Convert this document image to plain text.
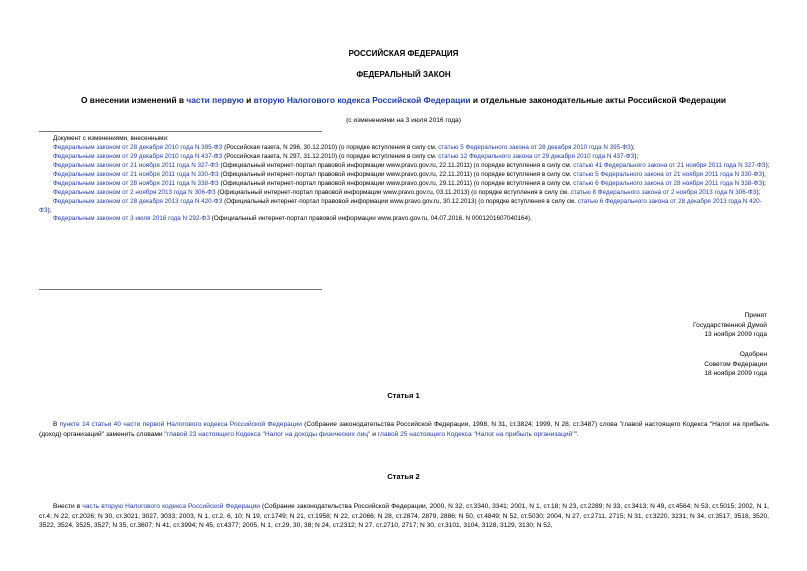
РОССИЙСКАЯ ФЕДЕРАЦИЯ
ФЕДЕРАЛЬНЫЙ ЗАКОН
О внесении изменений в части первую и вторую Налогового кодекса Российской Федерации и отдельные законодательные акты Российской Федерации
(с изменениями на 3 июля 2016 года)
Документ с изменениями, внесенными:
Федеральным законом от 28 декабря 2010 года N 395-ФЗ (Российская газета, N 296, 30.12.2010) (о порядке вступления в силу см. статью 5 Федерального закона от 28 декабря 2010 года N 395-ФЗ);
Федеральным законом от 29 декабря 2010 года N 437-ФЗ (Российская газета, N 297, 31.12.2010) (о порядке вступления в силу см. статью 12 Федерального закона от 29 декабря 2010 года N 437-ФЗ);
Федеральным законом от 21 ноября 2011 года N 327-ФЗ (Официальный интернет-портал правовой информации www.pravo.gov.ru, 22.11.2011) (о порядке вступления в силу см. статью 41 Федерального закона от 21 ноября 2011 года N 327-ФЗ);
Федеральным законом от 21 ноября 2011 года N 330-ФЗ (Официальный интернет-портал правовой информации www.pravo.gov.ru, 22.11.2011) (о порядке вступления в силу см. статью 5 Федерального закона от 21 ноября 2011 года N 330-ФЗ);
Федеральным законом от 28 ноября 2011 года N 338-ФЗ (Официальный интернет-портал правовой информации www.pravo.gov.ru, 29.11.2011) (о порядке вступления в силу см. статью 6 Федерального закона от 28 ноября 2011 года N 338-ФЗ);
Федеральным законом от 2 ноября 2013 года N 306-ФЗ (Официальный интернет-портал правовой информации www.pravo.gov.ru, 03.11.2013) (о порядке вступления в силу см. статью 8 Федерального закона от 2 ноября 2013 года N 306-ФЗ);
Федеральным законом от 28 декабря 2013 года N 420-ФЗ (Официальный интернет-портал правовой информации www.pravo.gov.ru, 30.12.2013) (о порядке вступления в силу см. статью 6 Федерального закона от 28 декабря 2013 года N 420-ФЗ);
Федеральным законом от 3 июля 2016 года N 292-ФЗ (Официальный интернет-портал правовой информации www.pravo.gov.ru, 04.07.2016, N 0001201607040164).
Принят
Государственной Думой
13 ноября 2009 года
Одобрен
Советом Федерации
18 ноября 2009 года
Статья 1
В пункте 14 статьи 40 части первой Налогового кодекса Российской Федерации (Собрание законодательства Российской Федерации, 1998, N 31, ст.3824; 1999, N 28, ст.3487) слова "главой настоящего Кодекса "Налог на прибыль (доход) организаций" заменить словами "главой 23 настоящего Кодекса "Налог на доходы физических лиц" и главой 25 настоящего Кодекса "Налог на прибыль организаций"".
Статья 2
Внести в часть вторую Налогового кодекса Российской Федерации (Собрание законодательства Российской Федерации, 2000, N 32, ст.3340, 3341; 2001, N 1, ст.18; N 23, ст.2289; N 33, ст.3413; N 49, ст.4564; N 53, ст.5015; 2002, N 1, ст.4; N 22, ст.2026; N 30, ст.3021, 3027, 3033; 2003, N 1, ст.2, 6, 10; N 19, ст.1749; N 21, ст.1958; N 22, ст.2066; N 28, ст.2874, 2879, 2886; N 50, ст.4849; N 52, ст.5030; 2004, N 27, ст.2711, 2715; N 31, ст.3220, 3231; N 34, ст.3517, 3518, 3520, 3522, 3524, 3525, 3527; N 35, ст.3607; N 41, ст.3994; N 45, ст.4377; 2005, N 1, ст.29, 30, 38; N 24, ст.2312; N 27, ст.2710, 2717; N 30, ст.3101, 3104, 3128, 3129, 3130; N 52,
